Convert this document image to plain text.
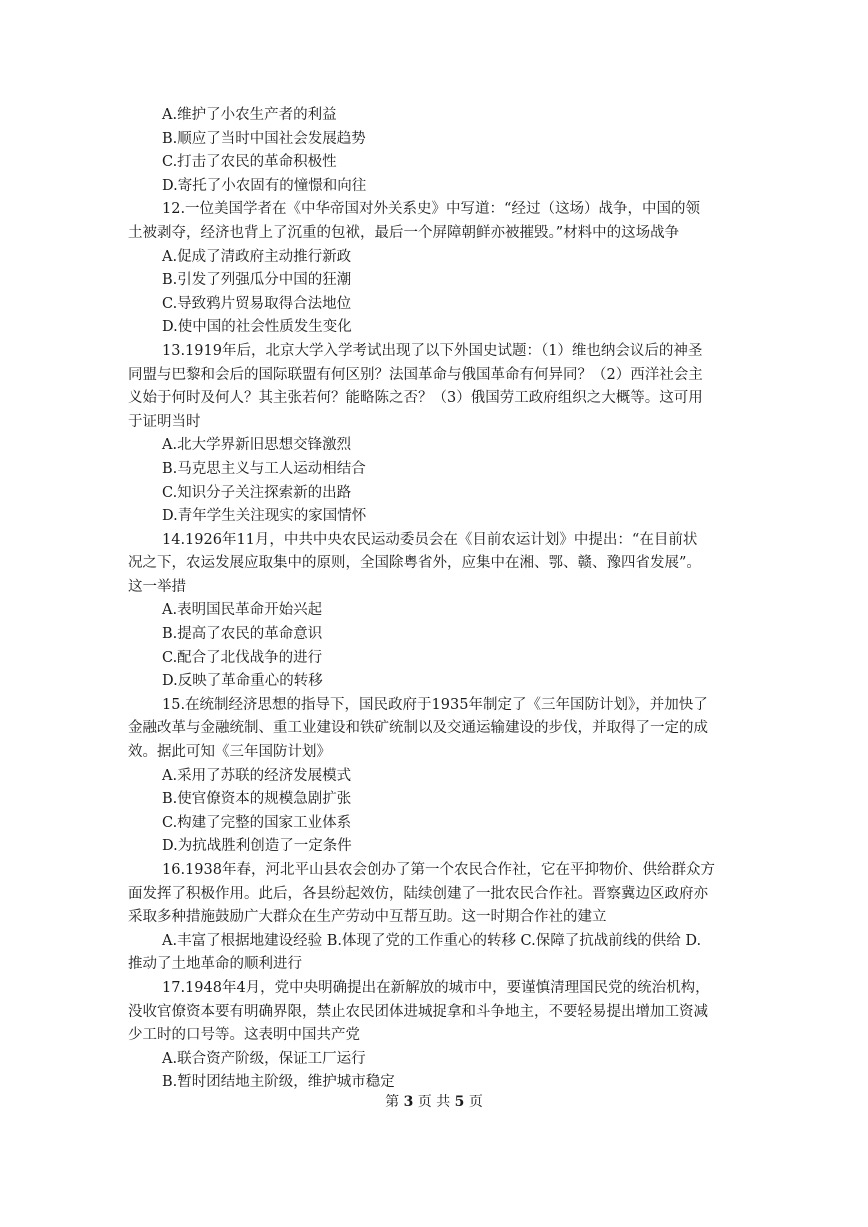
A.维护了小农生产者的利益
B.顺应了当时中国社会发展趋势
C.打击了农民的革命积极性
D.寄托了小农固有的憧憬和向往
12.一位美国学者在《中华帝国对外关系史》中写道：“经过（这场）战争，中国的领
土被剥夺，经济也背上了沉重的包袱，最后一个屏障朝鲜亦被摧毁。”材料中的这场战争
A.促成了清政府主动推行新政
B.引发了列强瓜分中国的狂潮
C.导致鸦片贸易取得合法地位
D.使中国的社会性质发生变化
13.1919年后，北京大学入学考试出现了以下外国史试题：（1）维也纳会议后的神圣
同盟与巴黎和会后的国际联盟有何区别？法国革命与俄国革命有何异同？（2）西洋社会主
义始于何时及何人？其主张若何？能略陈之否？（3）俄国劳工政府组织之大概等。这可用
于证明当时
A.北大学界新旧思想交锋激烈
B.马克思主义与工人运动相结合
C.知识分子关注探索新的出路
D.青年学生关注现实的家国情怀
14.1926年11月，中共中央农民运动委员会在《目前农运计划》中提出：“在目前状
况之下，农运发展应取集中的原则，全国除粤省外，应集中在湘、鄂、赣、豫四省发展”。
这一举措
A.表明国民革命开始兴起
B.提高了农民的革命意识
C.配合了北伐战争的进行
D.反映了革命重心的转移
15.在统制经济思想的指导下，国民政府于1935年制定了《三年国防计划》，并加快了
金融改革与金融统制、重工业建设和铁矿统制以及交通运输建设的步伐，并取得了一定的成
效。据此可知《三年国防计划》
A.采用了苏联的经济发展模式
B.使官僚资本的规模急剧扩张
C.构建了完整的国家工业体系
D.为抗战胜利创造了一定条件
16.1938年春，河北平山县农会创办了第一个农民合作社，它在平抑物价、供给群众方
面发挥了积极作用。此后，各县纷起效仿，陆续创建了一批农民合作社。晋察冀边区政府亦
采取多种措施鼓励广大群众在生产劳动中互帮互助。这一时期合作社的建立
A.丰富了根据地建设经验 B.体现了党的工作重心的转移 C.保障了抗战前线的供给 D.
推动了土地革命的顺利进行
17.1948年4月，党中央明确提出在新解放的城市中，要谨慎清理国民党的统治机构，
没收官僚资本要有明确界限，禁止农民团体进城捉拿和斗争地主，不要轻易提出增加工资减
少工时的口号等。这表明中国共产党
A.联合资产阶级，保证工厂运行
B.暂时团结地主阶级，维护城市稳定
第 3 页 共 5 页
